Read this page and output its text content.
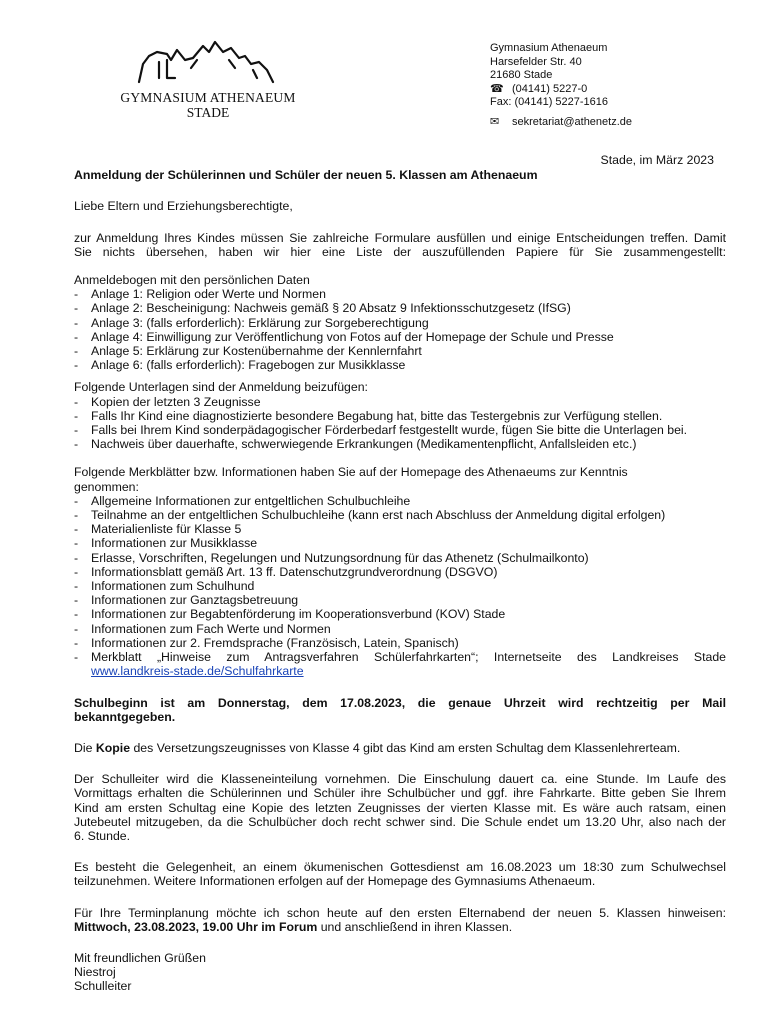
GYMNASIUM ATHENAEUM
STADE
Gymnasium Athenaeum
Harsefelder Str. 40
21680 Stade
☎ (04141) 5227-0
Fax: (04141) 5227-1616
✉	sekretariat@athenetz.de
Stade, im März 2023
Anmeldung der Schülerinnen und Schüler der neuen 5. Klassen am Athenaeum

Liebe Eltern und Erziehungsberechtigte,

zur Anmeldung Ihres Kindes müssen Sie zahlreiche Formulare ausfüllen und einige Entscheidungen treffen. Damit
Sie nichts übersehen, haben wir hier eine Liste der auszufüllenden Papiere für Sie zusammengestellt:
Anmeldebogen mit den persönlichen Daten
- Anlage 1: Religion oder Werte und Normen
- Anlage 2: Bescheinigung: Nachweis gemäß § 20 Absatz 9 Infektionsschutzgesetz (IfSG)
- Anlage 3: (falls erforderlich): Erklärung zur Sorgeberechtigung
- Anlage 4: Einwilligung zur Veröffentlichung von Fotos auf der Homepage der Schule und Presse
- Anlage 5: Erklärung zur Kostenübernahme der Kennlernfahrt
- Anlage 6: (falls erforderlich): Fragebogen zur Musikklasse
Folgende Unterlagen sind der Anmeldung beizufügen:
- Kopien der letzten 3 Zeugnisse
- Falls Ihr Kind eine diagnostizierte besondere Begabung hat, bitte das Testergebnis zur Verfügung stellen.
- Falls bei Ihrem Kind sonderpädagogischer Förderbedarf festgestellt wurde, fügen Sie bitte die Unterlagen bei.
- Nachweis über dauerhafte, schwerwiegende Erkrankungen (Medikamentenpflicht, Anfallsleiden etc.)
Folgende Merkblätter bzw. Informationen haben Sie auf der Homepage des Athenaeums zur Kenntnis genommen:
- Allgemeine Informationen zur entgeltlichen Schulbuchleihe
- Teilnahme an der entgeltlichen Schulbuchleihe (kann erst nach Abschluss der Anmeldung digital erfolgen)
- Materialienliste für Klasse 5
- Informationen zur Musikklasse
- Erlasse, Vorschriften, Regelungen und Nutzungsordnung für das Athenetz (Schulmailkonto)
- Informationsblatt gemäß Art. 13 ff. Datenschutzgrundverordnung (DSGVO)
- Informationen zum Schulhund
- Informationen zur Ganztagsbetreuung
- Informationen zur Begabtenförderung im Kooperationsverbund (KOV) Stade
- Informationen zum Fach Werte und Normen
- Informationen zur 2. Fremdsprache (Französisch, Latein, Spanisch)
- Merkblatt „Hinweise zum Antragsverfahren Schülerfahrkarten“; Internetseite des Landkreises Stade
www.landkreis-stade.de/Schulfahrkarte
Schulbeginn ist am Donnerstag, dem 17.08.2023, die genaue Uhrzeit wird rechtzeitig per Mail
bekanntgegeben.

Die Kopie des Versetzungszeugnisses von Klasse 4 gibt das Kind am ersten Schultag dem Klassenlehrerteam.

Der Schulleiter wird die Klasseneinteilung vornehmen. Die Einschulung dauert ca. eine Stunde. Im Laufe des
Vormittags erhalten die Schülerinnen und Schüler ihre Schulbücher und ggf. ihre Fahrkarte. Bitte geben Sie Ihrem
Kind am ersten Schultag eine Kopie des letzten Zeugnisses der vierten Klasse mit. Es wäre auch ratsam, einen
Jutebeutel mitzugeben, da die Schulbücher doch recht schwer sind. Die Schule endet um 13.20 Uhr, also nach der
6. Stunde.
Es besteht die Gelegenheit, an einem ökumenischen Gottesdienst am 16.08.2023 um 18:30 zum Schulwechsel
teilzunehmen. Weitere Informationen erfolgen auf der Homepage des Gymnasiums Athenaeum.
Für Ihre Terminplanung möchte ich schon heute auf den ersten Elternabend der neuen 5. Klassen hinweisen:
Mittwoch, 23.08.2023, 19.00 Uhr im Forum und anschließend in ihren Klassen.
Mit freundlichen Grüßen
Niestroj
Schulleiter
